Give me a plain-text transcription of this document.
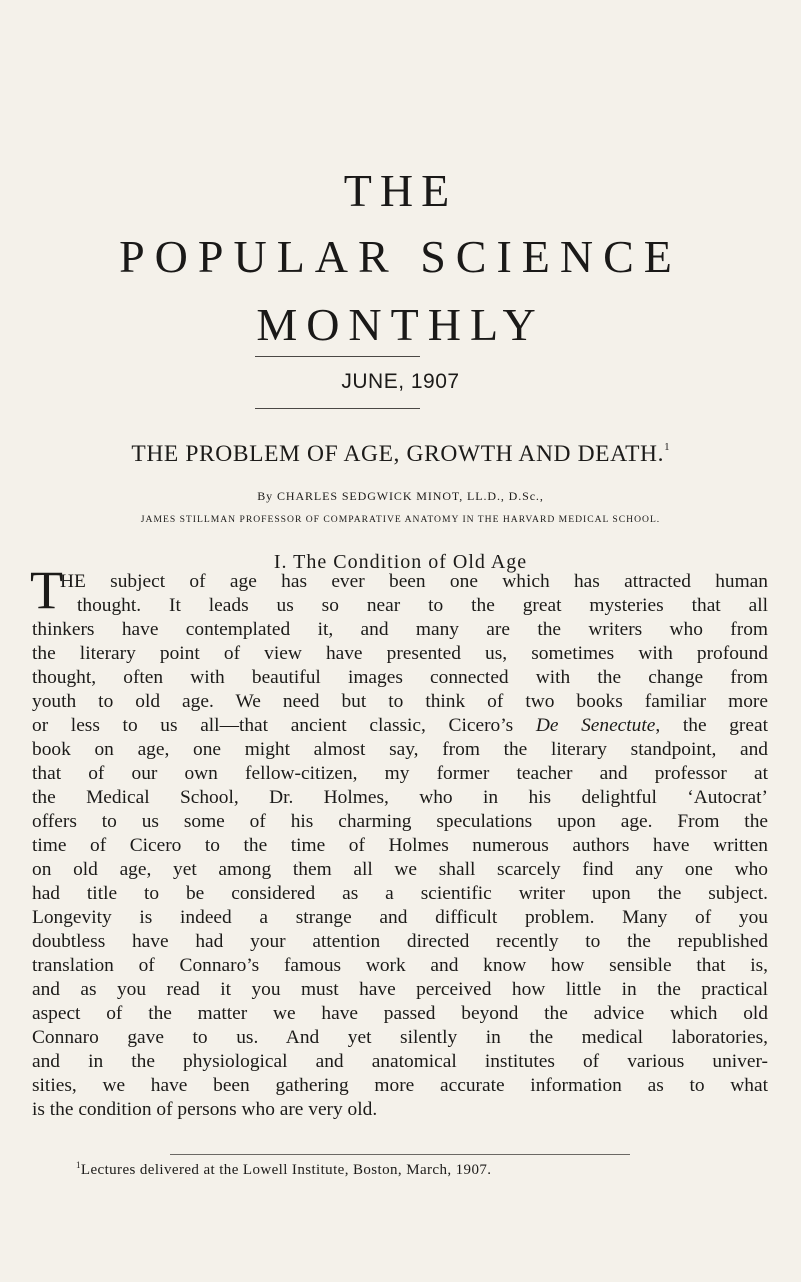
THE
POPULAR SCIENCE
MONTHLY
JUNE, 1907
THE PROBLEM OF AGE, GROWTH AND DEATH.$^1$
By CHARLES SEDGWICK MINOT, LL.D., D.Sc.,
JAMES STILLMAN PROFESSOR OF COMPARATIVE ANATOMY IN THE HARVARD MEDICAL SCHOOL.
I. The Condition of Old Age
T
HE subject of age has ever been one which has attracted human
thought. It leads us so near to the great mysteries that all
thinkers have contemplated it, and many are the writers who from
the literary point of view have presented us, sometimes with profound
thought, often with beautiful images connected with the change from
youth to old age. We need but to think of two books familiar more
or less to us all—that ancient classic, Cicero’s De Senectute, the great
book on age, one might almost say, from the literary standpoint, and
that of our own fellow-citizen, my former teacher and professor at
the Medical School, Dr. Holmes, who in his delightful ‘Autocrat’
offers to us some of his charming speculations upon age. From the
time of Cicero to the time of Holmes numerous authors have written
on old age, yet among them all we shall scarcely find any one who
had title to be considered as a scientific writer upon the subject.
Longevity is indeed a strange and difficult problem. Many of you
doubtless have had your attention directed recently to the republished
translation of Connaro’s famous work and know how sensible that is,
and as you read it you must have perceived how little in the practical
aspect of the matter we have passed beyond the advice which old
Connaro gave to us. And yet silently in the medical laboratories,
and in the physiological and anatomical institutes of various univer-
sities, we have been gathering more accurate information as to what
is the condition of persons who are very old.
$^1$Lectures delivered at the Lowell Institute, Boston, March, 1907.
